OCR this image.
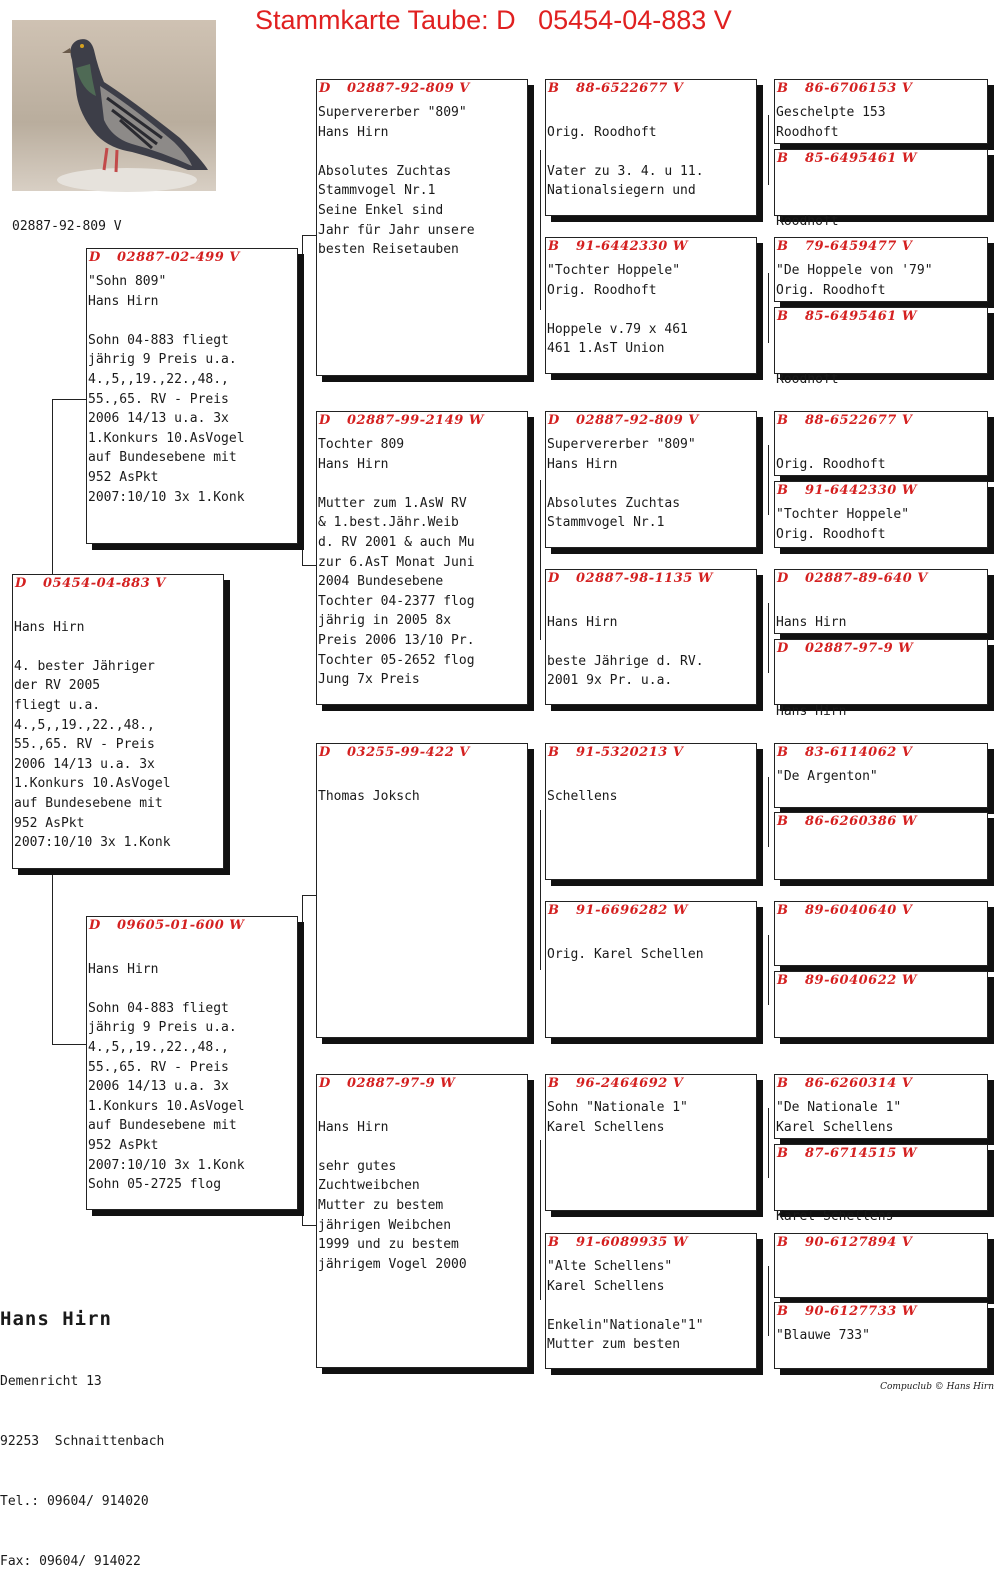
Stammkarte Taube: D   05454-04-883 V
02887-92-809 V
D	05454-04-883 V

Hans Hirn

4. bester Jähriger
der RV 2005
fliegt u.a.
4.,5,,19.,22.,48.,
55.,65. RV - Preis
2006 14/13 u.a. 3x
1.Konkurs 10.AsVogel
auf Bundesebene mit
952 AsPkt
2007:10/10 3x 1.Konk
D	02887-02-499 V
"Sohn 809"
Hans Hirn

Sohn 04-883 fliegt
jährig 9 Preis u.a.
4.,5,,19.,22.,48.,
55.,65. RV - Preis
2006 14/13 u.a. 3x
1.Konkurs 10.AsVogel
auf Bundesebene mit
952 AsPkt
2007:10/10 3x 1.Konk
D	09605-01-600 W

Hans Hirn

Sohn 04-883 fliegt
jährig 9 Preis u.a.
4.,5,,19.,22.,48.,
55.,65. RV - Preis
2006 14/13 u.a. 3x
1.Konkurs 10.AsVogel
auf Bundesebene mit
952 AsPkt
2007:10/10 3x 1.Konk
Sohn 05-2725 flog
D	02887-92-809 V
Supervererber "809"
Hans Hirn

Absolutes Zuchtas
Stammvogel Nr.1
Seine Enkel sind
Jahr für Jahr unsere
besten Reisetauben
D	02887-99-2149 W
Tochter 809
Hans Hirn

Mutter zum 1.AsW RV
& 1.best.Jähr.Weib
d. RV 2001 & auch Mu
zur 6.AsT Monat Juni
2004 Bundesebene
Tochter 04-2377 flog
jährig in 2005 8x
Preis 2006 13/10 Pr.
Tochter 05-2652 flog
Jung 7x Preis
D	03255-99-422 V

Thomas Joksch
D	02887-97-9 W

Hans Hirn

sehr gutes
Zuchtweibchen
Mutter zu bestem
jährigen Weibchen
1999 und zu bestem
jährigem Vogel 2000
B	88-6522677 V

Orig. Roodhoft

Vater zu 3. 4. u 11.
Nationalsiegern und
B	91-6442330 W
"Tochter Hoppele"
Orig. Roodhoft

Hoppele v.79 x 461
461 1.AsT Union
D	02887-92-809 V
Supervererber "809"
Hans Hirn

Absolutes Zuchtas
Stammvogel Nr.1
D	02887-98-1135 W

Hans Hirn

beste Jährige d. RV.
2001 9x Pr. u.a.
B	91-5320213 V

Schellens
B	91-6696282 W

Orig. Karel Schellen
B	96-2464692 V
Sohn "Nationale 1"
Karel Schellens
B	91-6089935 W
"Alte Schellens"
Karel Schellens

Enkelin"Nationale"1"
Mutter zum besten
B	86-6706153 V
Geschelpte 153
Roodhoft
B	85-6495461 W

Roodhoft
B	79-6459477 V
"De Hoppele von '79"
Orig. Roodhoft
B	85-6495461 W

Roodhoft
B	88-6522677 V

Orig. Roodhoft
B	91-6442330 W
"Tochter Hoppele"
Orig. Roodhoft
D	02887-89-640 V

Hans Hirn
D	02887-97-9 W

Hans Hirn
B	83-6114062 V
"De Argenton"
B	86-6260386 W
B	89-6040640 V
B	89-6040622 W
B	86-6260314 V
"De Nationale 1"
Karel Schellens
B	87-6714515 W

Karel Schellens
B	90-6127894 V
B	90-6127733 W
"Blauwe 733"

Hans Hirn

Demenricht 13

92253  Schnaittenbach

Tel.: 09604/ 914020

Fax: 09604/ 914022

Compuclub © Hans Hirn
